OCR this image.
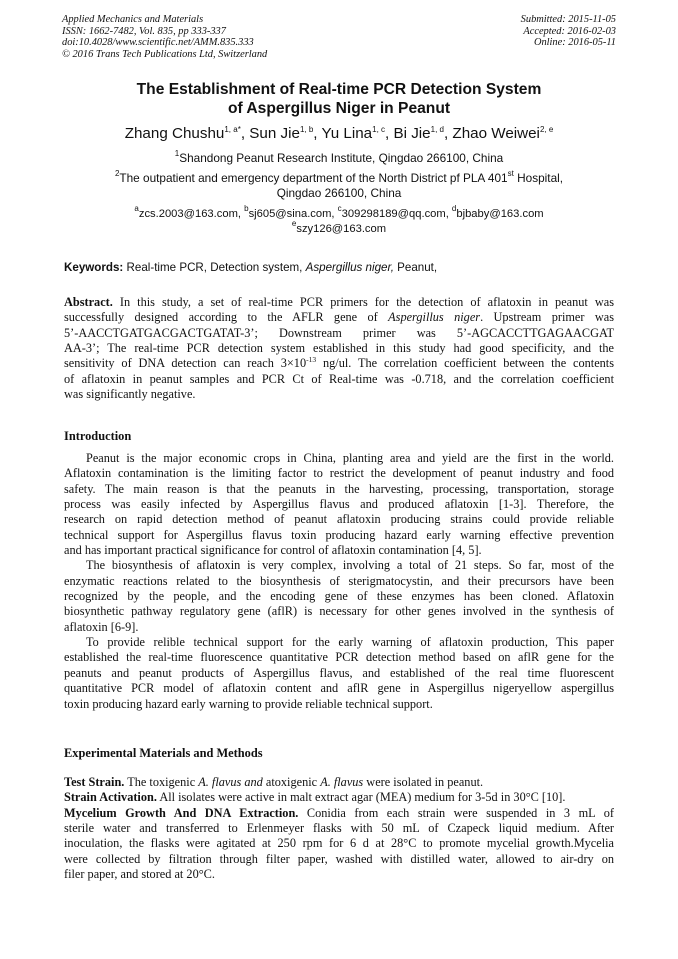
Applied Mechanics and Materials
ISSN: 1662-7482, Vol. 835, pp 333-337
doi:10.4028/www.scientific.net/AMM.835.333
© 2016 Trans Tech Publications Ltd, Switzerland
Submitted: 2015-11-05
Accepted: 2016-02-03
Online: 2016-05-11
The Establishment of Real-time PCR Detection System
of Aspergillus Niger in Peanut
Zhang Chushu$^{1, a*}$, Sun Jie$^{1, b}$, Yu Lina$^{1, c}$, Bi Jie$^{1, d}$, Zhao Weiwei$^{2, e}$
$^1$Shandong Peanut Research Institute, Qingdao 266100, China
$^2$The outpatient and emergency department of the North District pf PLA 401st Hospital,
Qingdao 266100, China
$^a$zcs.2003@163.com, $^b$sj605@sina.com, $^c$309298189@qq.com, $^d$bjbaby@163.com
$^e$szy126@163.com
Keywords: Real-time PCR, Detection system, Aspergillus niger, Peanut,
Abstract. In this study, a set of real-time PCR primers for the detection of aflatoxin in peanut was
successfully designed according to the AFLR gene of Aspergillus niger. Upstream primer was
5’-AACCTGATGACGACTGATAT-3’; Downstream primer was 5’-AGCACCTTGAGAACGAT
AA-3’; The real-time PCR detection system established in this study had good specificity, and the
sensitivity of DNA detection can reach $3\times 10^{-13}$ ng/ul. The correlation coefficient between the contents
of aflatoxin in peanut samples and PCR Ct of Real-time was -0.718, and the correlation coefficient
was significantly negative.
Introduction
Peanut is the major economic crops in China, planting area and yield are the first in the world.
Aflatoxin contamination is the limiting factor to restrict the development of peanut industry and food
safety. The main reason is that the peanuts in the harvesting, processing, transportation, storage
process was easily infected by Aspergillus flavus and produced aflatoxin [1-3]. Therefore, the
research on rapid detection method of peanut aflatoxin producing strains could provide reliable
technical support for Aspergillus flavus toxin producing hazard early warning effective prevention
and has important practical significance for control of aflatoxin contamination [4, 5].
The biosynthesis of aflatoxin is very complex, involving a total of 21 steps. So far, most of the
enzymatic reactions related to the biosynthesis of sterigmatocystin, and their precursors have been
recognized by the people, and the encoding gene of these enzymes has been cloned. Aflatoxin
biosynthetic pathway regulatory gene (aflR) is necessary for other genes involved in the synthesis of
aflatoxin [6-9].
To provide relible technical support for the early warning of aflatoxin production, This paper
established the real-time fluorescence quantitative PCR detection method based on aflR gene for the
peanuts and peanut products of Aspergillus flavus, and established of the real time fluorescent
quantitative PCR model of aflatoxin content and aflR gene in Aspergillus nigeryellow aspergillus
toxin producing hazard early warning to provide reliable technical support.
Experimental Materials and Methods
Test Strain. The toxigenic A. flavus and atoxigenic A. flavus were isolated in peanut.
Strain Activation. All isolates were active in malt extract agar (MEA) medium for 3-5d in 30°C [10].
Mycelium Growth And DNA Extraction. Conidia from each strain were suspended in 3 mL of
sterile water and transferred to Erlenmeyer flasks with 50 mL of Czapeck liquid medium. After
inoculation, the flasks were agitated at 250 rpm for 6 d at 28°C to promote mycelial growth.Mycelia
were collected by filtration through filter paper, washed with distilled water, allowed to air-dry on
filer paper, and stored at 20°C.
